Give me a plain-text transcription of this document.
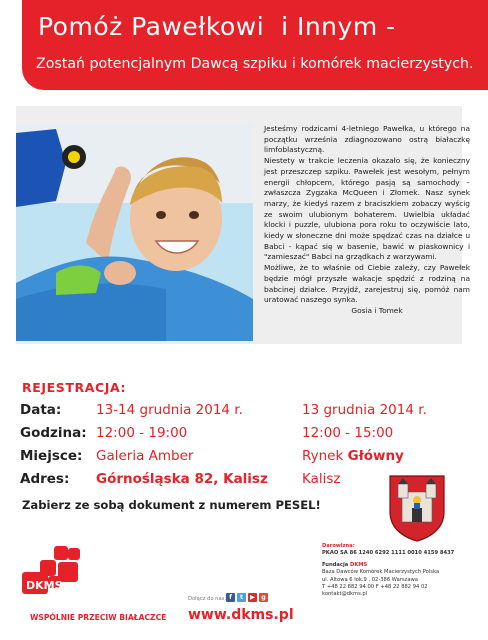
Pomóż Pawełkowi  i Innym -
Zostań potencjalnym Dawcą szpiku i komórek macierzystych.

Jesteśmy rodzicami 4-letniego Pawełka, u którego na początku września zdiagnozowano ostrą białaczkę limfoblastyczną.

Niestety w trakcie leczenia okazało się, że konieczny jest przeszczep szpiku. Pawełek jest wesołym, pełnym energii chłopcem, którego pasją są samochody – zwłaszcza Zygzaka McQueen i Złomek. Nasz synek marzy, że kiedyś razem z braciszkiem zobaczy wyścig ze swoim ulubionym bohaterem. Uwielbia układać klocki i puzzle, ulubiona pora roku to oczywiście lato, kiedy w słoneczne dni może spędzać czas na działce u Babci - kąpać się w basenie, bawić w piaskownicy i "zamieszać" Babci na grządkach z warzywami.

Możliwe, że to właśnie od Ciebie zależy, czy Pawełek będzie mógł przyszłe wakacje spędzić z rodziną na babcinej działce. Przyjdź, zarejestruj się, pomóż nam uratować naszego synka.

Gosia i Tomek

REJESTRACJA:
Data:	13-14 grudnia 2014 r.	13 grudnia 2014 r.
Godzina: 12:00 - 19:00	12:00 - 15:00
Miejsce: Galeria Amber	Rynek Główny
Adres: Górnośląska 82, Kalisz	Kalisz
Zabierz ze sobą dokument z numerem PESEL!
DKMS
WSPÓLNIE PRZECIW BIAŁACZCE
Dołącz do nas: f	t	▶ g
www.dkms.pl
Darowizna:
PKAO SA 86 1240 6292 1111 0010 4159 8437
Fundacja DKMS
Baza Dawców Komórek Macierzystych Polska
ul. Altowa 6 lok.9 , 02-386 Warszawa
T +48 22 882 94 00 F +48 22 882 94 02
kontakt@dkms.pl
